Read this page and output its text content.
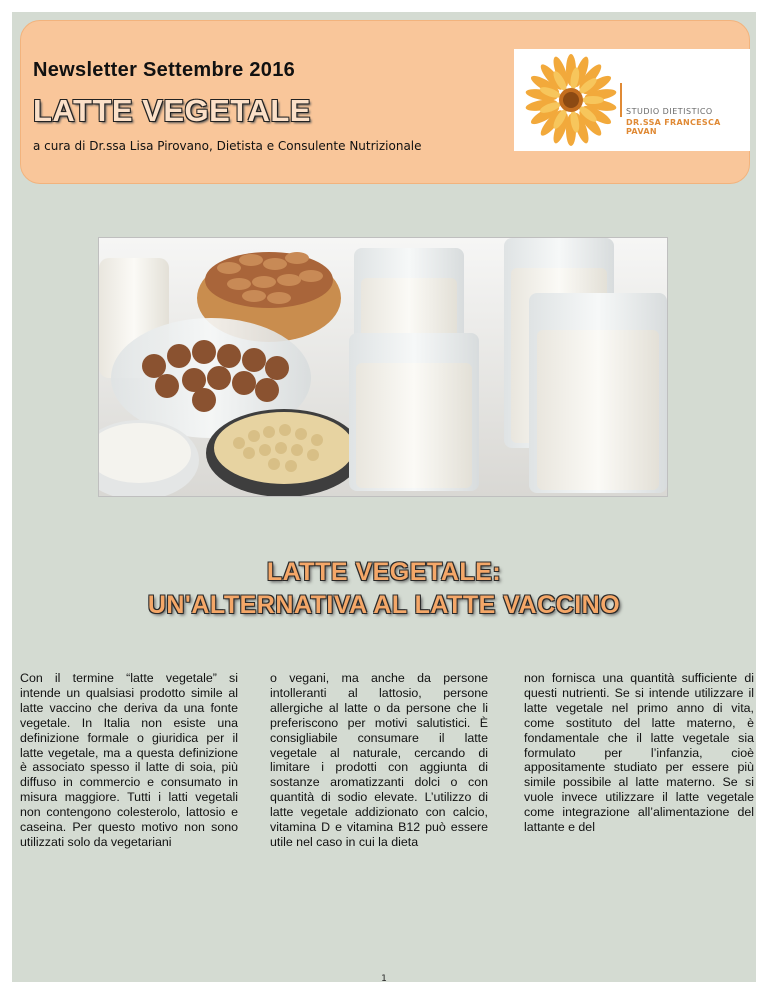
Newsletter Settembre 2016
LATTE VEGETALE
a cura di Dr.ssa Lisa Pirovano, Dietista e Consulente Nutrizionale
STUDIO DIETISTICO
DR.SSA FRANCESCA PAVAN
LATTE VEGETALE:
UN'ALTERNATIVA AL LATTE VACCINO
Con il termine “latte vegetale” si intende un qualsiasi prodotto simile al latte vaccino che deriva da una fonte vegetale. In Italia non esiste una definizione formale o giuridica per il latte vegetale, ma a questa definizione è associato spesso il latte di soia, più diffuso in commercio e consumato in misura maggiore. Tutti i latti vegetali non contengono colesterolo, lattosio e caseina. Per questo motivo non sono utilizzati solo da vegetariani
o vegani, ma anche da persone intolleranti al lattosio, persone allergiche al latte o da persone che li preferiscono per motivi salutistici. È consigliabile consumare il latte vegetale al naturale, cercando di limitare i prodotti con aggiunta di sostanze aromatizzanti dolci o con quantità di sodio elevate. L’utilizzo di latte vegetale addizionato con calcio, vitamina D e vitamina B12 può essere utile nel caso in cui la dieta
non fornisca una quantità sufficiente di questi nutrienti. Se si intende utilizzare il latte vegetale nel primo anno di vita, come sostituto del latte materno, è fondamentale che il latte vegetale sia formulato per l’infanzia, cioè appositamente studiato per essere più simile possibile al latte materno. Se si vuole invece utilizzare il latte vegetale come integrazione all’alimentazione del lattante e del
1
